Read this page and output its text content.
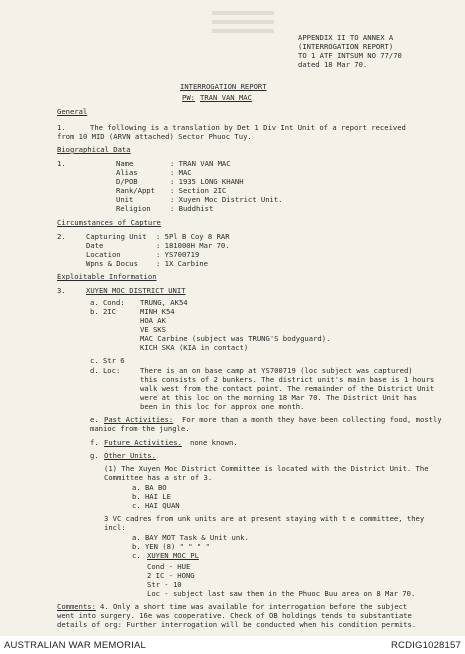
APPENDIX II TO ANNEX A
(INTERROGATION REPORT)
TO 1 ATF INTSUM NO 77/70
dated 18 Mar 70.
INTERROGATION REPORT
PW: TRAN VAN MAC
General
1.	The following is a translation by Det 1 Div Int Unit of a report received
from 10 MID (ARVN attached) Sector Phuoc Tuy.
Biographical Data
1.	Name	: TRAN VAN MAC
Alias	: MAC
D/POB	: 1935 LONG KHANH
Rank/Appt : Section 2IC
Unit	: Xuyen Moc District Unit.
Religion	: Buddhist
Circumstances of Capture
2.	Capturing Unit : 5Pl B Coy 8 RAR
Date	: 181000H Mar 70.
Location	: YS700719
Wpns & Docus	: 1X Carbine
Exploitable Information
3.	XUYEN MOC DISTRICT UNIT
a. Cond: TRUNG, AK54
b. 2IC	MINH K54
HOA AK
VE SKS
MAC Carbine (subject was TRUNG'S bodyguard).
KICH SKA (KIA in contact)
c. Str 6
d. Loc:	There is an on base camp at YS700719 (loc subject was captured)
this consists of 2 bunkers. The district unit's main base is 1 hours
walk west from the contact point. The remainder of the District Unit
were at this loc on the morning 18 Mar 70. The District Unit has
been in this loc for approx one month.
e. Past Activities: For more than a month they have been collecting food, mostly
manioc from the jungle.
f. Future Activities. none known.
g. Other Units.
(1) The Xuyen Moc District Committee is located with the District Unit. The
Committee has a str of 3.
a. BA BO
b. HAI LE
c. HAI QUAN
3 VC cadres from unk units are at present staying with t e committee, they
incl:
a. BAY MOT Task & Unit unk.
b. YEN (8) " " " "
c. XUYEN MOC PL
Cond - HUE
2 IC - HONG
Str - 10
Loc - subject last saw them in the Phuoc Buu area on 8 Mar 70.
Comments: 4. Only a short time was available for interrogation before the subject
went into surgery. 16e was cooperative. Check of OB holdings tends to substantiate
details of org: Further interrogation will be conducted when his condition permits.
AUSTRALIAN WAR MEMORIAL	RCDIG1028157
